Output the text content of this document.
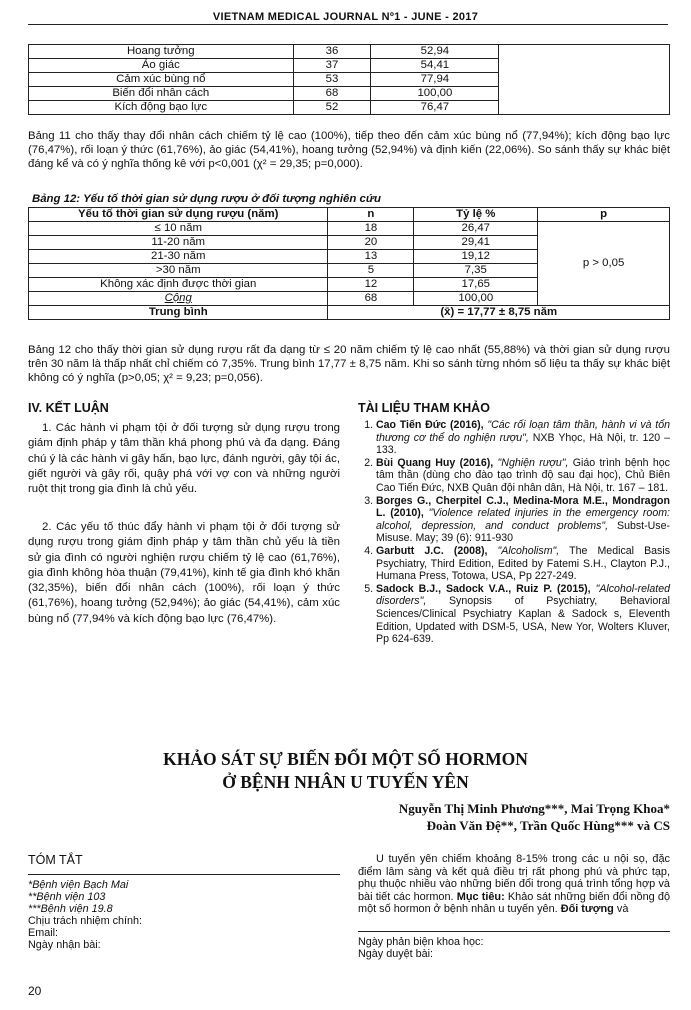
VIETNAM MEDICAL JOURNAL Nº1 - JUNE - 2017
Hoang tưởng	36	52,94	
Ảo giác	37	54,41	
Cảm xúc bùng nổ	53	77,94	
Biến đổi nhân cách	68	100,00	
Kích động bạo lực	52	76,47	

Bảng 11 cho thấy thay đổi nhân cách chiếm tỷ lệ cao (100%), tiếp theo đến cảm xúc bùng nổ (77,94%); kích động bạo lực (76,47%), rối loạn ý thức (61,76%), ảo giác (54,41%), hoang tưởng (52,94%) và định kiến (22,06%). So sánh thấy sự khác biệt đáng kể và có ý nghĩa thống kê với p<0,001 (χ² = 29,35; p=0,000).

Bảng 12: Yếu tố thời gian sử dụng rượu ở đối tượng nghiên cứu
Yếu tố thời gian sử dụng rượu (năm)	n	Tỷ lệ %	p
≤ 10 năm	18	26,47	p > 0,05
11-20 năm	20	29,41	
21-30 năm	13	19,12	
>30 năm	5	7,35	
Không xác định được thời gian	12	17,65	
Cộng	68	100,00	
Trung bình	(x̄) = 17,77 ± 8,75 năm		

Bảng 12 cho thấy thời gian sử dụng rượu rất đa dạng từ ≤ 20 năm chiếm tỷ lệ cao nhất (55,88%) và thời gian sử dụng rượu trên 30 năm là thấp nhất chỉ chiếm có 7,35%. Trung bình 17,77 ± 8,75 năm. Khi so sánh từng nhóm số liệu ta thấy sự khác biệt không có ý nghĩa (p>0,05; χ² = 9,23; p=0,056).

IV. KẾT LUẬN

1. Các hành vi phạm tội ở đối tượng sử dụng rượu trong giám định pháp y tâm thần khá phong phú và đa dạng. Đáng chú ý là các hành vi gây hấn, bạo lực, đánh người, gây tội ác, giết người và gây rối, quậy phá với vợ con và những người ruột thịt trong gia đình là chủ yếu.

2. Các yếu tố thúc đẩy hành vi phạm tội ở đối tượng sử dụng rượu trong giám định pháp y tâm thần chủ yếu là tiền sử gia đình có người nghiện rượu chiếm tỷ lệ cao (61,76%), gia đình không hòa thuận (79,41%), kinh tế gia đình khó khăn (32,35%), biến đổi nhân cách (100%), rối loạn ý thức (61,76%), hoang tưởng (52,94%); ảo giác (54,41%), cảm xúc bùng nổ (77,94% và kích động bạo lực (76,47%).

TÀI LIỆU THAM KHẢO
1. Cao Tiến Đức (2016), "Các rối loạn tâm thần, hành vi và tổn thương cơ thể do nghiện rượu", NXB Yhọc, Hà Nội, tr. 120 – 133.
2. Bùi Quang Huy (2016), "Nghiện rượu", Giáo trình bệnh học tâm thần (dùng cho đào tạo trình độ sau đại học), Chủ Biên Cao Tiến Đức, NXB Quân đội nhân dân, Hà Nội, tr. 167 – 181.
3. Borges G., Cherpitel C.J., Medina-Mora M.E., Mondragon L. (2010), "Violence related injuries in the emergency room: alcohol, depression, and conduct problems", Subst-Use-Misuse. May; 39 (6): 911-930
4. Garbutt J.C. (2008), "Alcoholism", The Medical Basis Psychiatry, Third Edition, Edited by Fatemi S.H., Clayton P.J., Humana Press, Totowa, USA, Pp 227-249.
5. Sadock B.J., Sadock V.A., Ruiz P. (2015), "Alcohol-related disorders", Synopsis of Psychiatry, Behavioral Sciences/Clinical Psychiatry Kaplan & Sadock s, Eleventh Edition, Updated with DSM-5, USA, New Yor, Wolters Kluver, Pp 624-639.
KHẢO SÁT SỰ BIẾN ĐỔI MỘT SỐ HORMON
Ở BỆNH NHÂN U TUYẾN YÊN
Nguyễn Thị Minh Phương***, Mai Trọng Khoa*
Đoàn Văn Đệ**, Trần Quốc Hùng*** và CS
TÓM TẮT
*Bệnh viện Bạch Mai
**Bệnh viện 103
***Bệnh viện 19.8
Chịu trách nhiệm chính:
Email:
Ngày nhận bài:

U tuyến yên chiếm khoảng 8-15% trong các u nội sọ, đặc điểm lâm sàng và kết quả điều trị rất phong phú và phức tạp, phụ thuộc nhiều vào những biến đổi trong quá trình tổng hợp và bài tiết các hormon. Mục tiêu: Khảo sát những biến đổi nồng độ một số hormon ở bệnh nhân u tuyến yên. Đối tượng và

Ngày phản biện khoa học:
Ngày duyệt bài:
20
